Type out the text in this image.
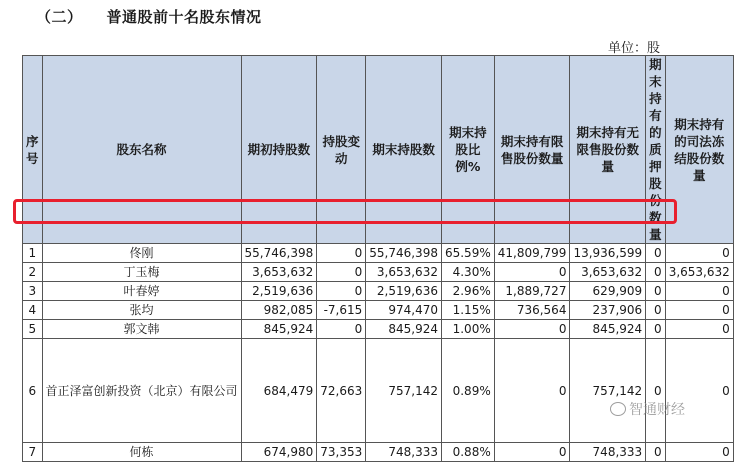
（二） 普通股前十名股东情况
单位：股
序号	股东名称	期初持股数	持股变动	期末持股数	期末持股比例%	期末持有限售股份数量	期末持有无限售股份数量	期末持有的质押股份数量	期末持有的司法冻结股份数量
1	佟刚	55,746,398	0	55,746,398	65.59%	41,809,799	13,936,599	0	0
2	丁玉梅	3,653,632	0	3,653,632	4.30%	0	3,653,632	0	3,653,632
3	叶春婷	2,519,636	0	2,519,636	2.96%	1,889,727	629,909	0	0
4	张均	982,085	-7,615	974,470	1.15%	736,564	237,906	0	0
5	郭文韩	845,924	0	845,924	1.00%	0	845,924	0	0
6	首正泽富创新投资（北京）有限公司	684,479	72,663	757,142	0.89%	0	757,142	0	0
7	何栋	674,980	73,353	748,333	0.88%	0	748,333	0	0
智通财经
